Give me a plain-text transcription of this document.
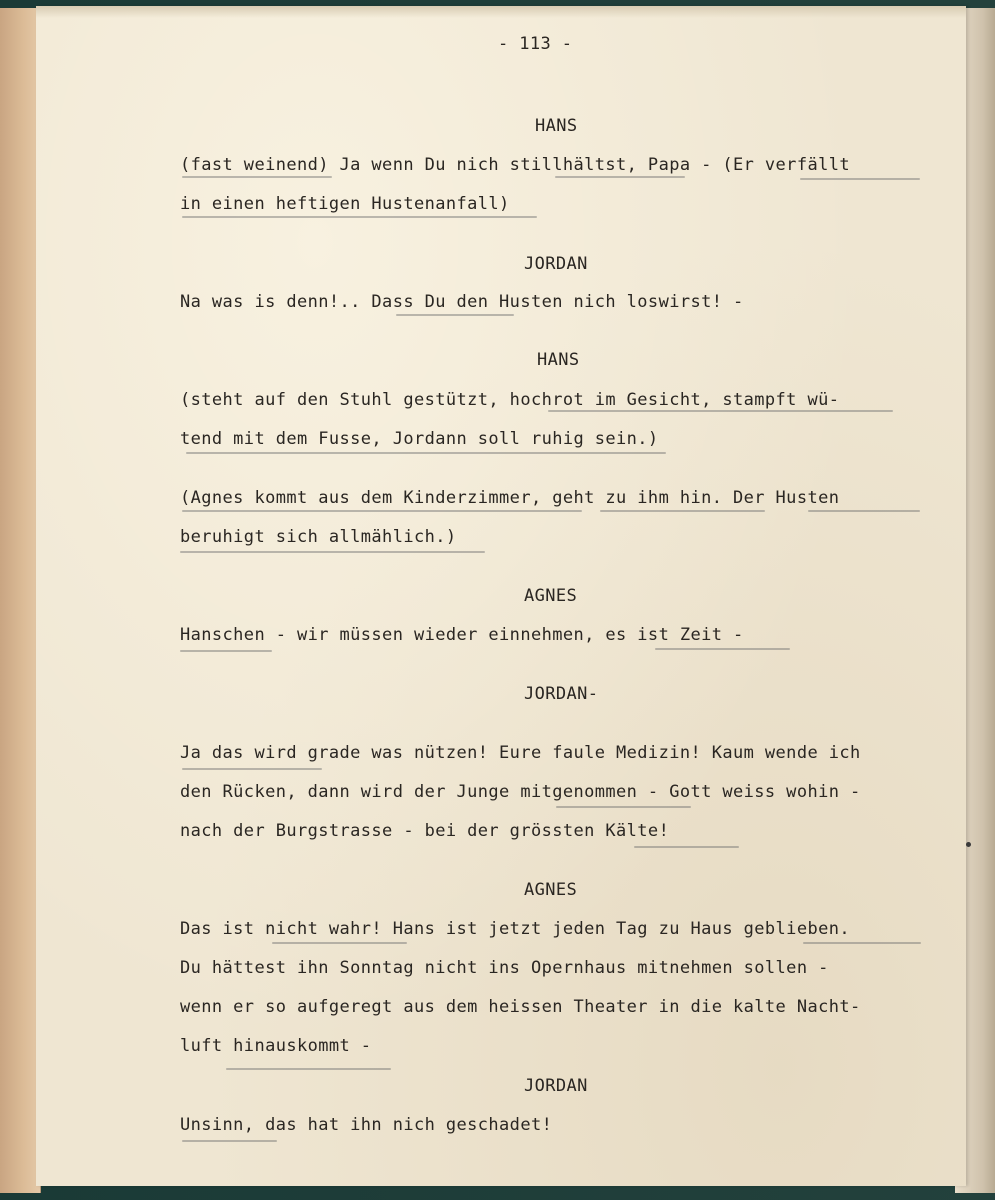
- 113 -

HANS

(fast weinend) Ja wenn Du nich stillhältst, Papa - (Er verfällt

in einen heftigen Hustenanfall)

JORDAN

Na was is denn!.. Dass Du den Husten nich loswirst! -

HANS

(steht auf den Stuhl gestützt, hochrot im Gesicht, stampft wü-

tend mit dem Fusse, Jordann soll ruhig sein.)

(Agnes kommt aus dem Kinderzimmer, geht zu ihm hin. Der Husten

beruhigt sich allmählich.)

AGNES

Hanschen - wir müssen wieder einnehmen, es ist Zeit -

JORDAN-

Ja das wird grade was nützen! Eure faule Medizin! Kaum wende ich

den Rücken, dann wird der Junge mitgenommen - Gott weiss wohin -

nach der Burgstrasse - bei der grössten Kälte!

AGNES

Das ist nicht wahr! Hans ist jetzt jeden Tag zu Haus geblieben.

Du hättest ihn Sonntag nicht ins Opernhaus mitnehmen sollen -

wenn er so aufgeregt aus dem heissen Theater in die kalte Nacht-

luft hinauskommt -

JORDAN

Unsinn, das hat ihn nich geschadet!
